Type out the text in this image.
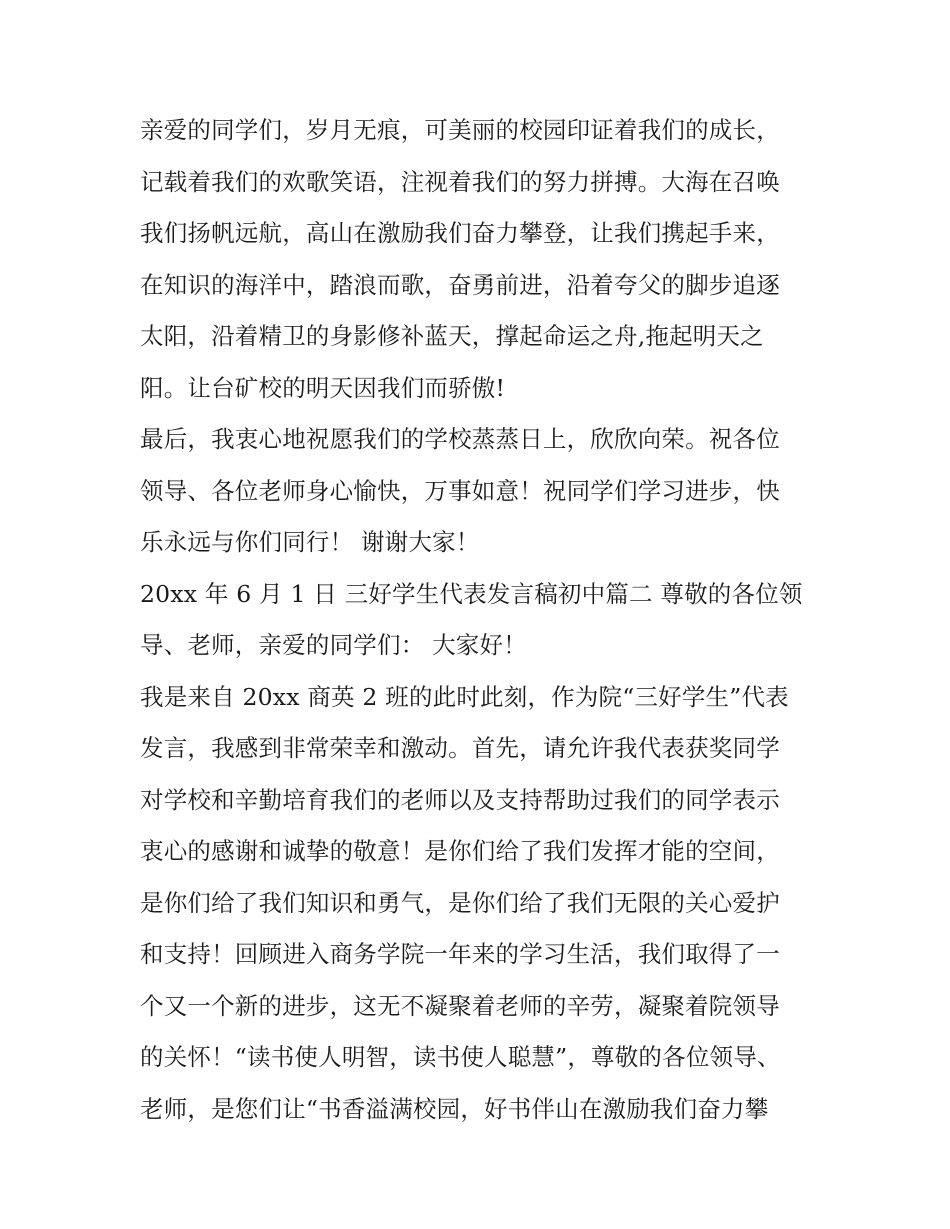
亲爱的同学们，岁月无痕，可美丽的校园印证着我们的成长，
记载着我们的欢歌笑语，注视着我们的努力拼搏。大海在召唤
我们扬帆远航，高山在激励我们奋力攀登，让我们携起手来，
在知识的海洋中，踏浪而歌，奋勇前进，沿着夸父的脚步追逐
太阳，沿着精卫的身影修补蓝天，撑起命运之舟,拖起明天之
阳。让台矿校的明天因我们而骄傲!
最后，我衷心地祝愿我们的学校蒸蒸日上，欣欣向荣。祝各位
领导、各位老师身心愉快，万事如意！祝同学们学习进步，快
乐永远与你们同行！ 谢谢大家！
20xx 年 6 月 1 日 三好学生代表发言稿初中篇二 尊敬的各位领
导、老师，亲爱的同学们： 大家好！
我是来自 20xx 商英 2 班的此时此刻，作为院“三好学生”代表
发言，我感到非常荣幸和激动。首先，请允许我代表获奖同学
对学校和辛勤培育我们的老师以及支持帮助过我们的同学表示
衷心的感谢和诚挚的敬意！是你们给了我们发挥才能的空间，
是你们给了我们知识和勇气，是你们给了我们无限的关心爱护
和支持！回顾进入商务学院一年来的学习生活，我们取得了一
个又一个新的进步，这无不凝聚着老师的辛劳，凝聚着院领导
的关怀！“读书使人明智，读书使人聪慧”，尊敬的各位领导、
老师，是您们让“书香溢满校园，好书伴山在激励我们奋力攀
